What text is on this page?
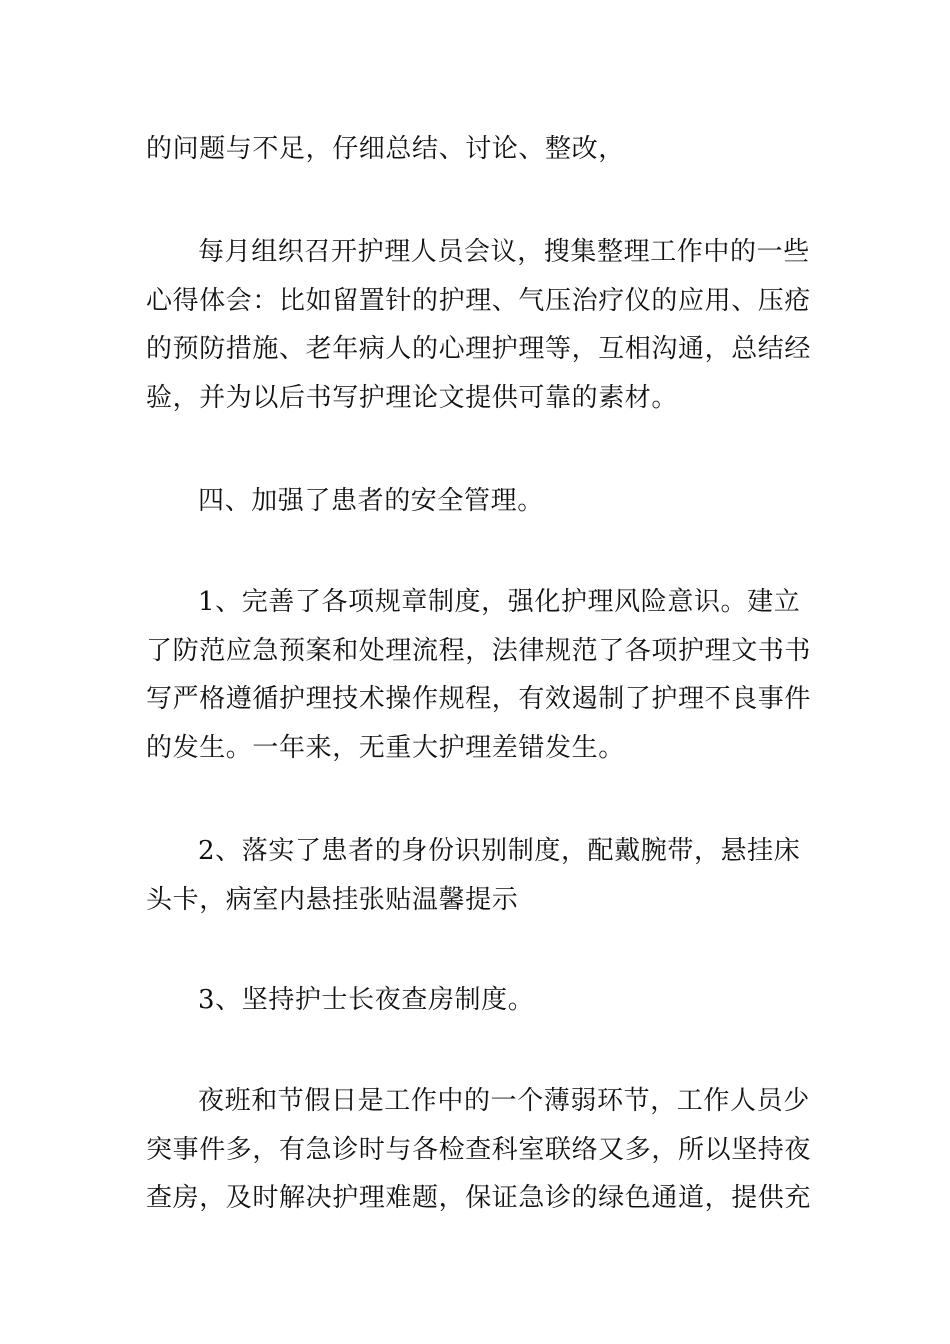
的问题与不足，仔细总结、讨论、整改，

每月组织召开护理人员会议，搜集整理工作中的一些心得体会：比如留置针的护理、气压治疗仪的应用、压疮的预防措施、老年病人的心理护理等，互相沟通，总结经验，并为以后书写护理论文提供可靠的素材。

四、加强了患者的安全管理。

1、完善了各项规章制度，强化护理风险意识。建立了防范应急预案和处理流程，法律规范了各项护理文书书写严格遵循护理技术操作规程，有效遏制了护理不良事件的发生。一年来，无重大护理差错发生。

2、落实了患者的身份识别制度，配戴腕带，悬挂床头卡，病室内悬挂张贴温馨提示

3、坚持护士长夜查房制度。

夜班和节假日是工作中的一个薄弱环节，工作人员少突事件多，有急诊时与各检查科室联络又多，所以坚持夜查房，及时解决护理难题，保证急诊的绿色通道，提供充
